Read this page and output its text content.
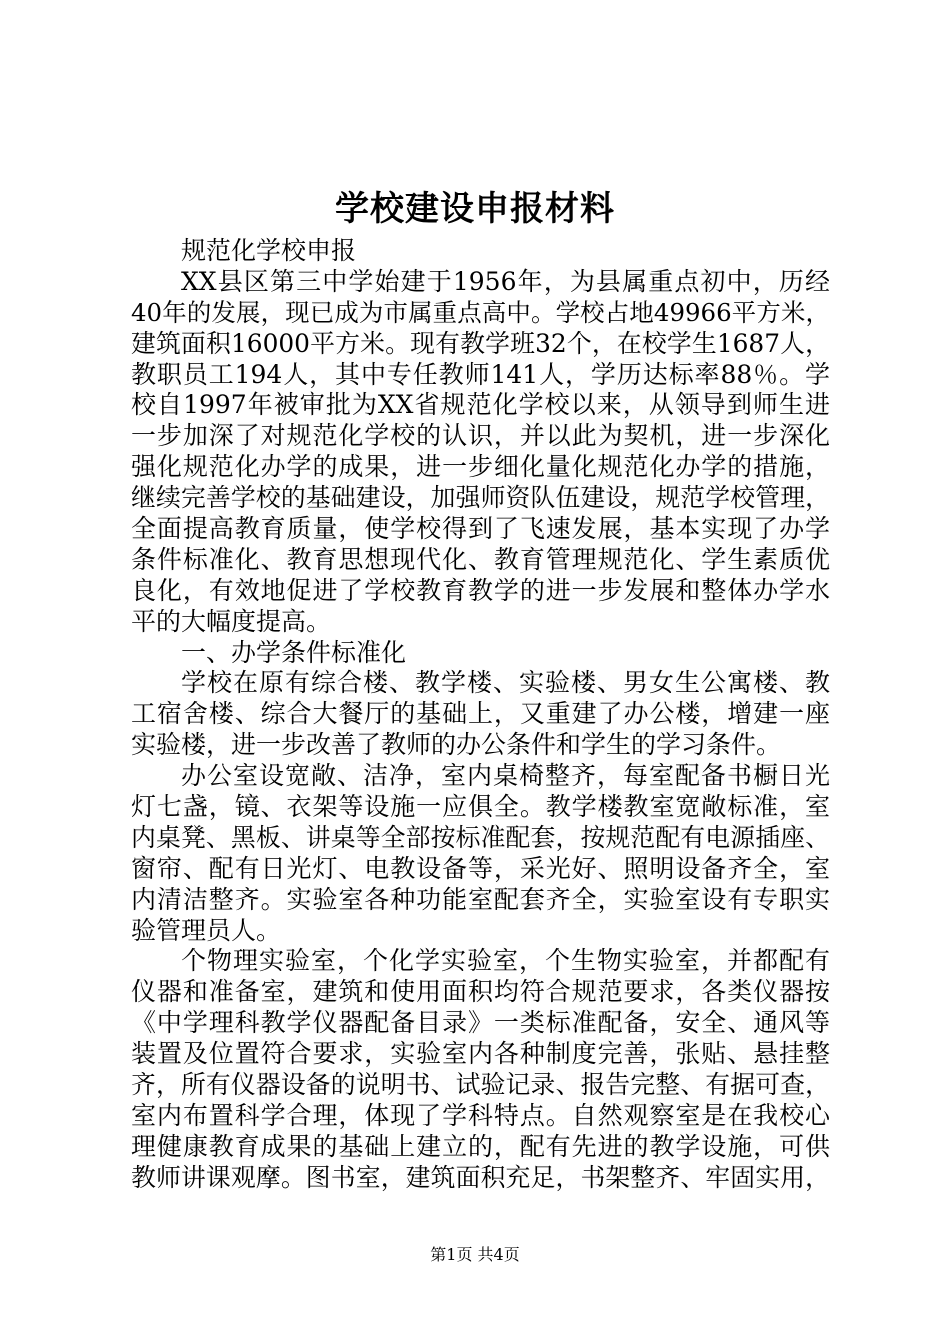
学校建设申报材料
规范化学校申报
XX县区第三中学始建于1956年，为县属重点初中，历经
40年的发展，现已成为市属重点高中。学校占地49966平方米，
建筑面积16000平方米。现有教学班32个，在校学生1687人，
教职员工194人，其中专任教师141人，学历达标率88％。学
校自1997年被审批为XX省规范化学校以来，从领导到师生进
一步加深了对规范化学校的认识，并以此为契机，进一步深化
强化规范化办学的成果，进一步细化量化规范化办学的措施，
继续完善学校的基础建设，加强师资队伍建设，规范学校管理，
全面提高教育质量，使学校得到了飞速发展，基本实现了办学
条件标准化、教育思想现代化、教育管理规范化、学生素质优
良化，有效地促进了学校教育教学的进一步发展和整体办学水
平的大幅度提高。
一、办学条件标准化
学校在原有综合楼、教学楼、实验楼、男女生公寓楼、教
工宿舍楼、综合大餐厅的基础上，又重建了办公楼，增建一座
实验楼，进一步改善了教师的办公条件和学生的学习条件。
办公室设宽敞、洁净，室内桌椅整齐，每室配备书橱日光
灯七盏，镜、衣架等设施一应俱全。教学楼教室宽敞标准，室
内桌凳、黑板、讲桌等全部按标准配套，按规范配有电源插座、
窗帘、配有日光灯、电教设备等，采光好、照明设备齐全，室
内清洁整齐。实验室各种功能室配套齐全，实验室设有专职实
验管理员人。
个物理实验室，个化学实验室，个生物实验室，并都配有
仪器和准备室，建筑和使用面积均符合规范要求，各类仪器按
《中学理科教学仪器配备目录》一类标准配备，安全、通风等
装置及位置符合要求，实验室内各种制度完善，张贴、悬挂整
齐，所有仪器设备的说明书、试验记录、报告完整、有据可查，
室内布置科学合理，体现了学科特点。自然观察室是在我校心
理健康教育成果的基础上建立的，配有先进的教学设施，可供
教师讲课观摩。图书室，建筑面积充足，书架整齐、牢固实用，
第1页 共4页
